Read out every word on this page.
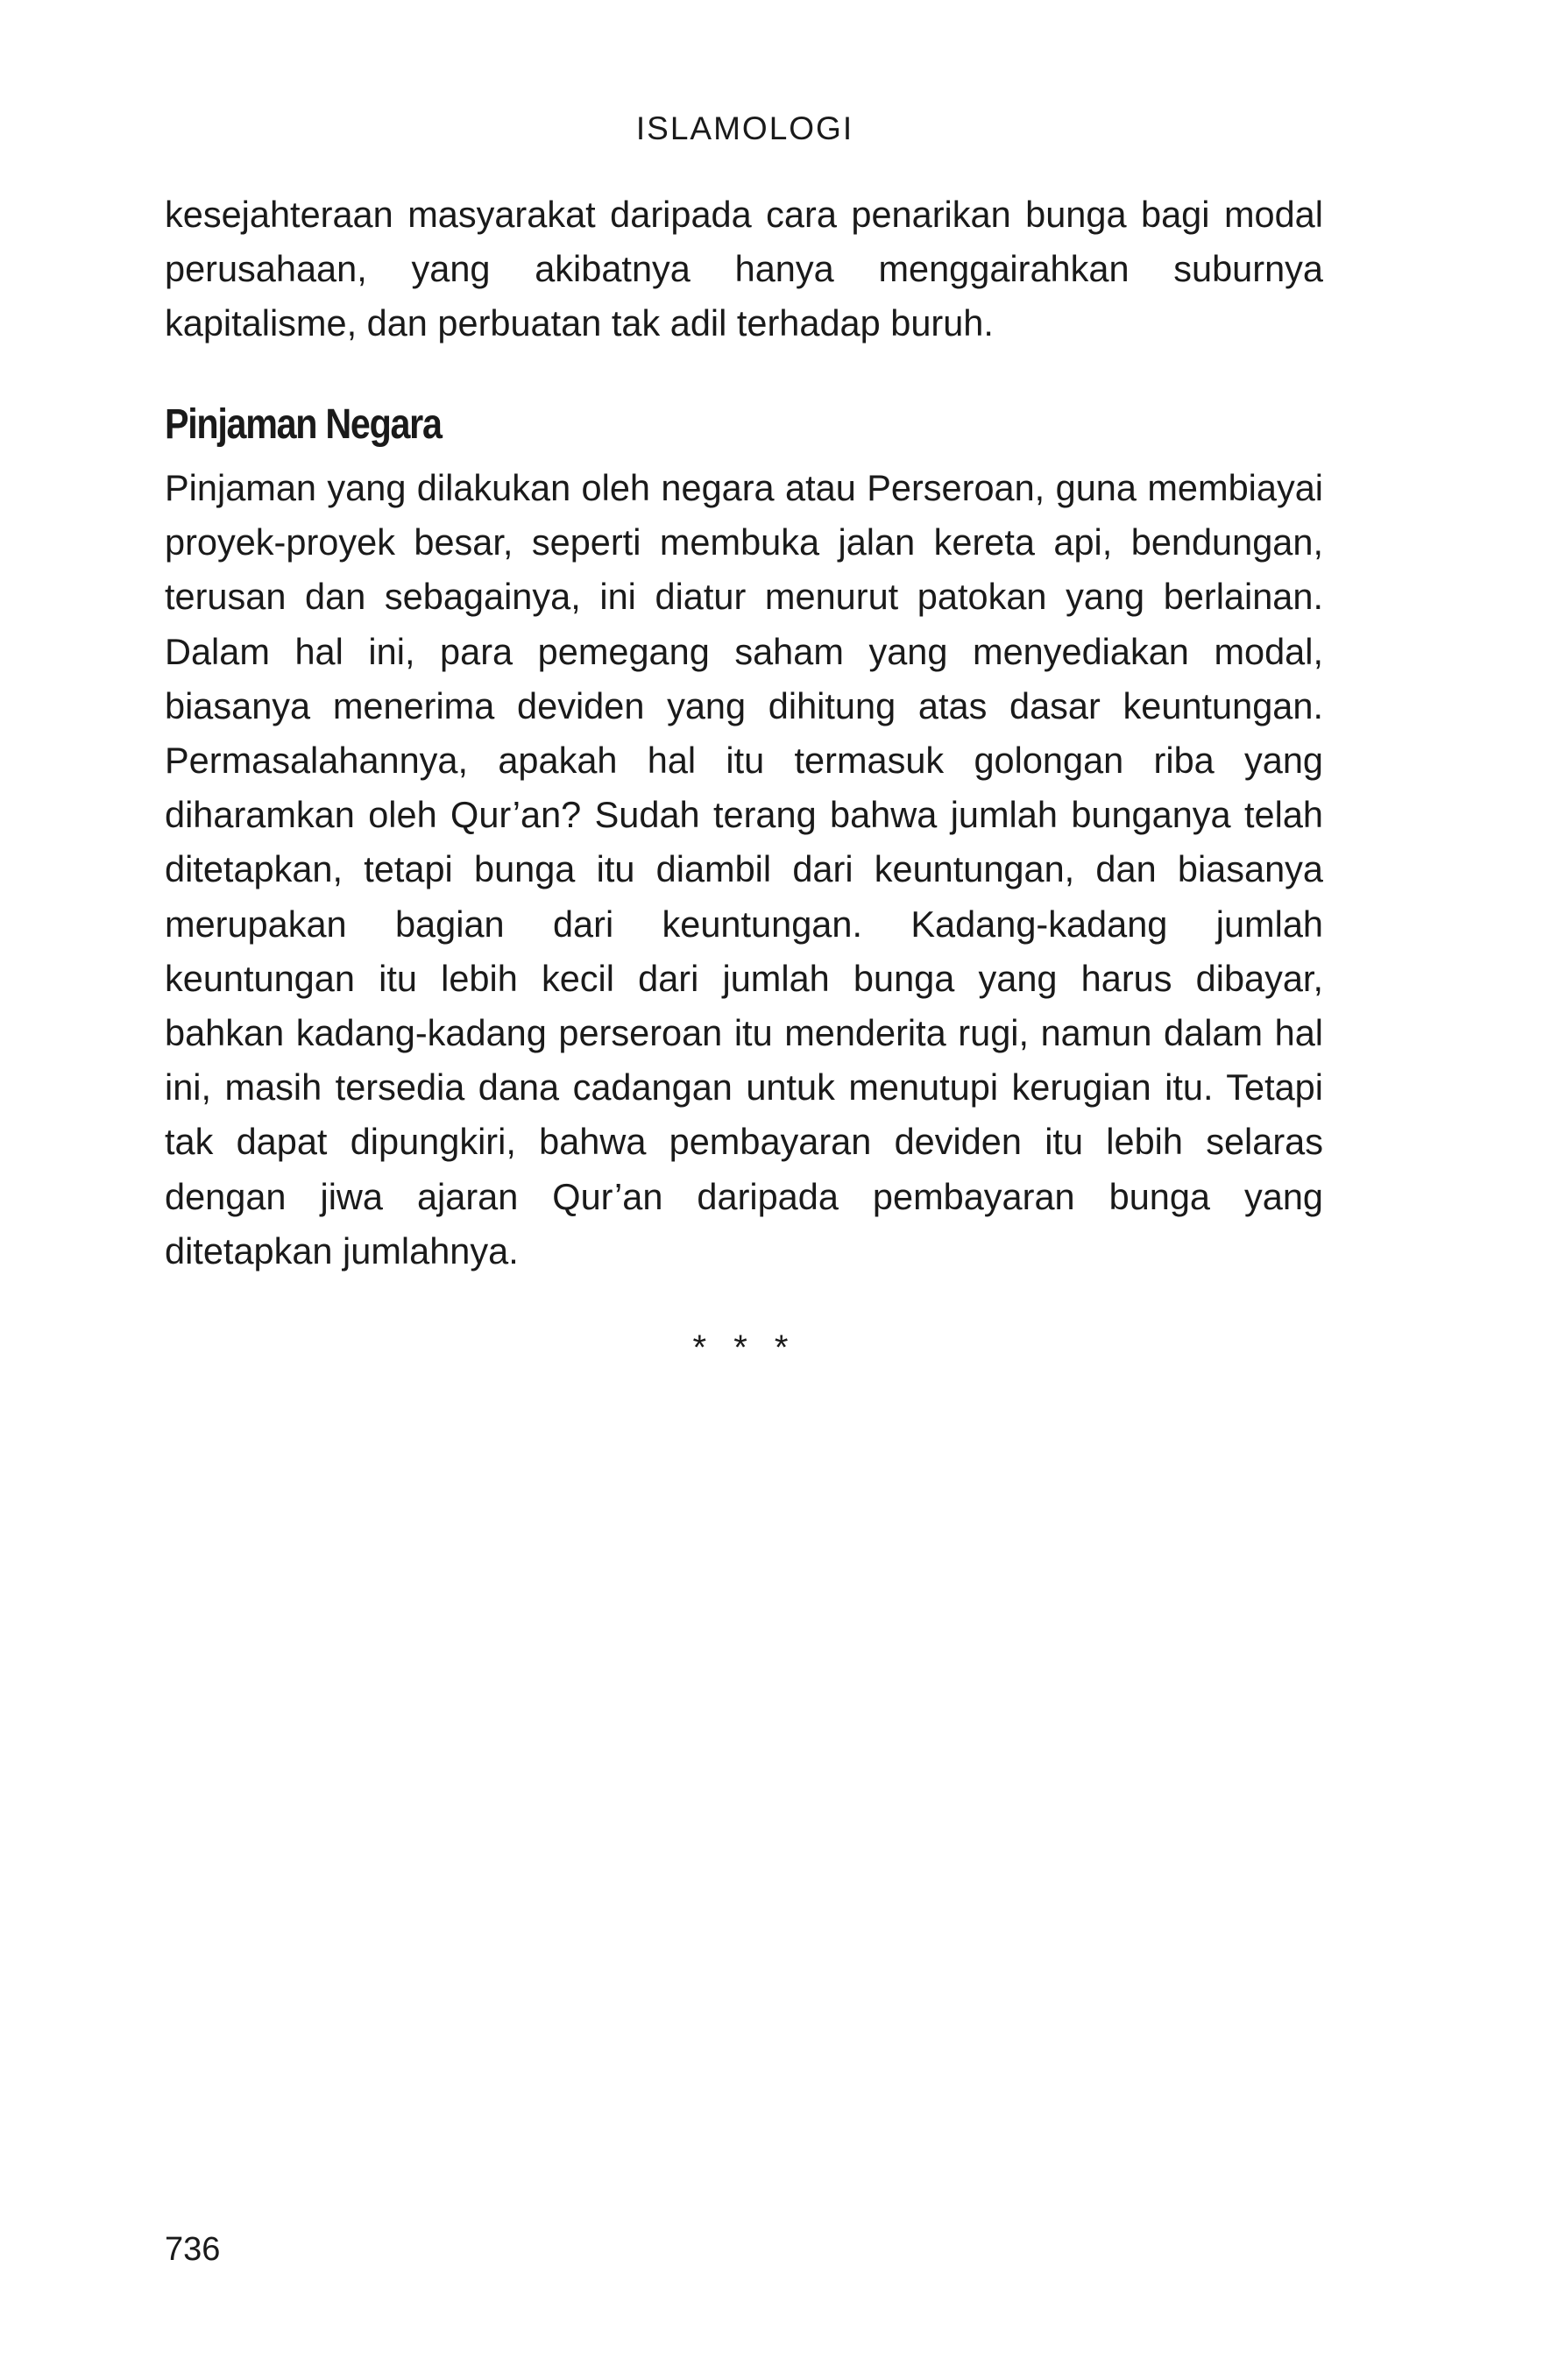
ISLAMOLOGI

kesejahteraan masyarakat daripada cara penarikan bunga bagi modal perusahaan, yang akibatnya hanya menggairahkan suburnya kapitalisme, dan perbuatan tak adil terhadap buruh.

Pinjaman Negara

Pinjaman yang dilakukan oleh negara atau Perseroan, guna membiayai proyek-proyek besar, seperti membuka jalan kereta api, bendungan, terusan dan sebagainya, ini diatur menurut patokan yang berlainan. Dalam hal ini, para pemegang saham yang menyediakan modal, biasanya menerima deviden yang dihitung atas dasar keuntungan. Permasalahannya, apakah hal itu termasuk golongan riba yang diharamkan oleh Qur’an? Sudah terang bahwa jumlah bunganya telah ditetapkan, tetapi bunga itu diambil dari keuntungan, dan biasanya merupakan bagian dari keuntungan. Kadang-kadang jumlah keuntungan itu lebih kecil dari jumlah bunga yang harus dibayar, bahkan kadang-kadang perseroan itu menderita rugi, namun dalam hal ini, masih tersedia dana cadangan untuk menutupi kerugian itu. Tetapi tak dapat dipungkiri, bahwa pembayaran deviden itu lebih selaras dengan jiwa ajaran Qur’an daripada pembayaran bunga yang ditetapkan jumlahnya.

* * *
736
